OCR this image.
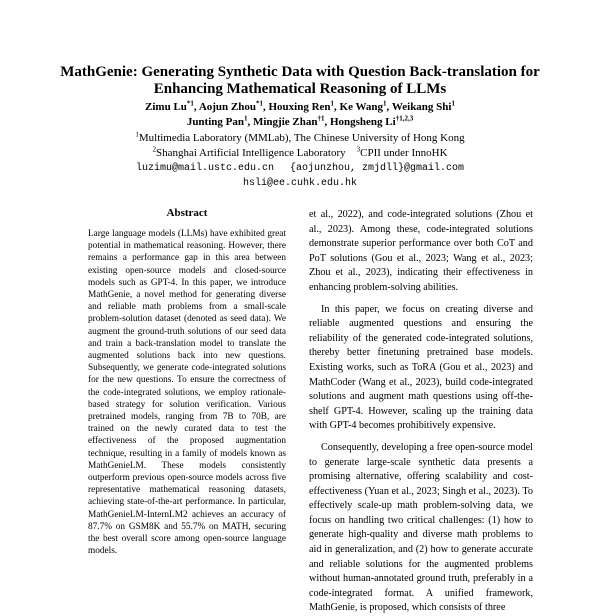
MathGenie: Generating Synthetic Data with Question Back-translation for
Enhancing Mathematical Reasoning of LLMs
Zimu Lu$^{*1}$, Aojun Zhou$^{*1}$, Houxing Ren$^1$, Ke Wang$^1$, Weikang Shi$^1$
Junting Pan$^1$, Mingjie Zhan$^{\dagger 1}$, Hongsheng Li$^{\dagger 1,2,3}$
$^1$Multimedia Laboratory (MMLab), The Chinese University of Hong Kong
$^2$Shanghai Artificial Intelligence Laboratory $^3$CPII under InnoHK
luzimu@mail.ustc.edu.cn {aojunzhou, zmjdll}@gmail.com
hsli@ee.cuhk.edu.hk
Abstract

Large language models (LLMs) have exhibited great potential in mathematical reasoning. However, there remains a performance gap in this area between existing open-source models and closed-source models such as GPT-4. In this paper, we introduce MathGenie, a novel method for generating diverse and reliable math problems from a small-scale problem-solution dataset (denoted as seed data). We augment the ground-truth solutions of our seed data and train a back-translation model to translate the augmented solutions back into new questions. Subsequently, we generate code-integrated solutions for the new questions. To ensure the correctness of the code-integrated solutions, we employ rationale-based strategy for solution verification. Various pretrained models, ranging from 7B to 70B, are trained on the newly curated data to test the effectiveness of the proposed augmentation technique, resulting in a family of models known as MathGenieLM. These models consistently outperform previous open-source models across five representative mathematical reasoning datasets, achieving state-of-the-art performance. In particular, MathGenieLM-InternLM2 achieves an accuracy of 87.7% on GSM8K and 55.7% on MATH, securing the best overall score among open-source language models.

et al., 2022), and code-integrated solutions (Zhou et al., 2023). Among these, code-integrated solutions demonstrate superior performance over both CoT and PoT solutions (Gou et al., 2023; Wang et al., 2023; Zhou et al., 2023), indicating their effectiveness in enhancing problem-solving abilities.

In this paper, we focus on creating diverse and reliable augmented questions and ensuring the reliability of the generated code-integrated solutions, thereby better finetuning pretrained base models. Existing works, such as ToRA (Gou et al., 2023) and MathCoder (Wang et al., 2023), build code-integrated solutions and augment math questions using off-the-shelf GPT-4. However, scaling up the training data with GPT-4 becomes prohibitively expensive.

Consequently, developing a free open-source model to generate large-scale synthetic data presents a promising alternative, offering scalability and cost-effectiveness (Yuan et al., 2023; Singh et al., 2023). To effectively scale-up math problem-solving data, we focus on handling two critical challenges: (1) how to generate high-quality and diverse math problems to aid in generalization, and (2) how to generate accurate and reliable solutions for the augmented problems without human-annotated ground truth, preferably in a code-integrated format. A unified framework, MathGenie, is proposed, which consists of three
